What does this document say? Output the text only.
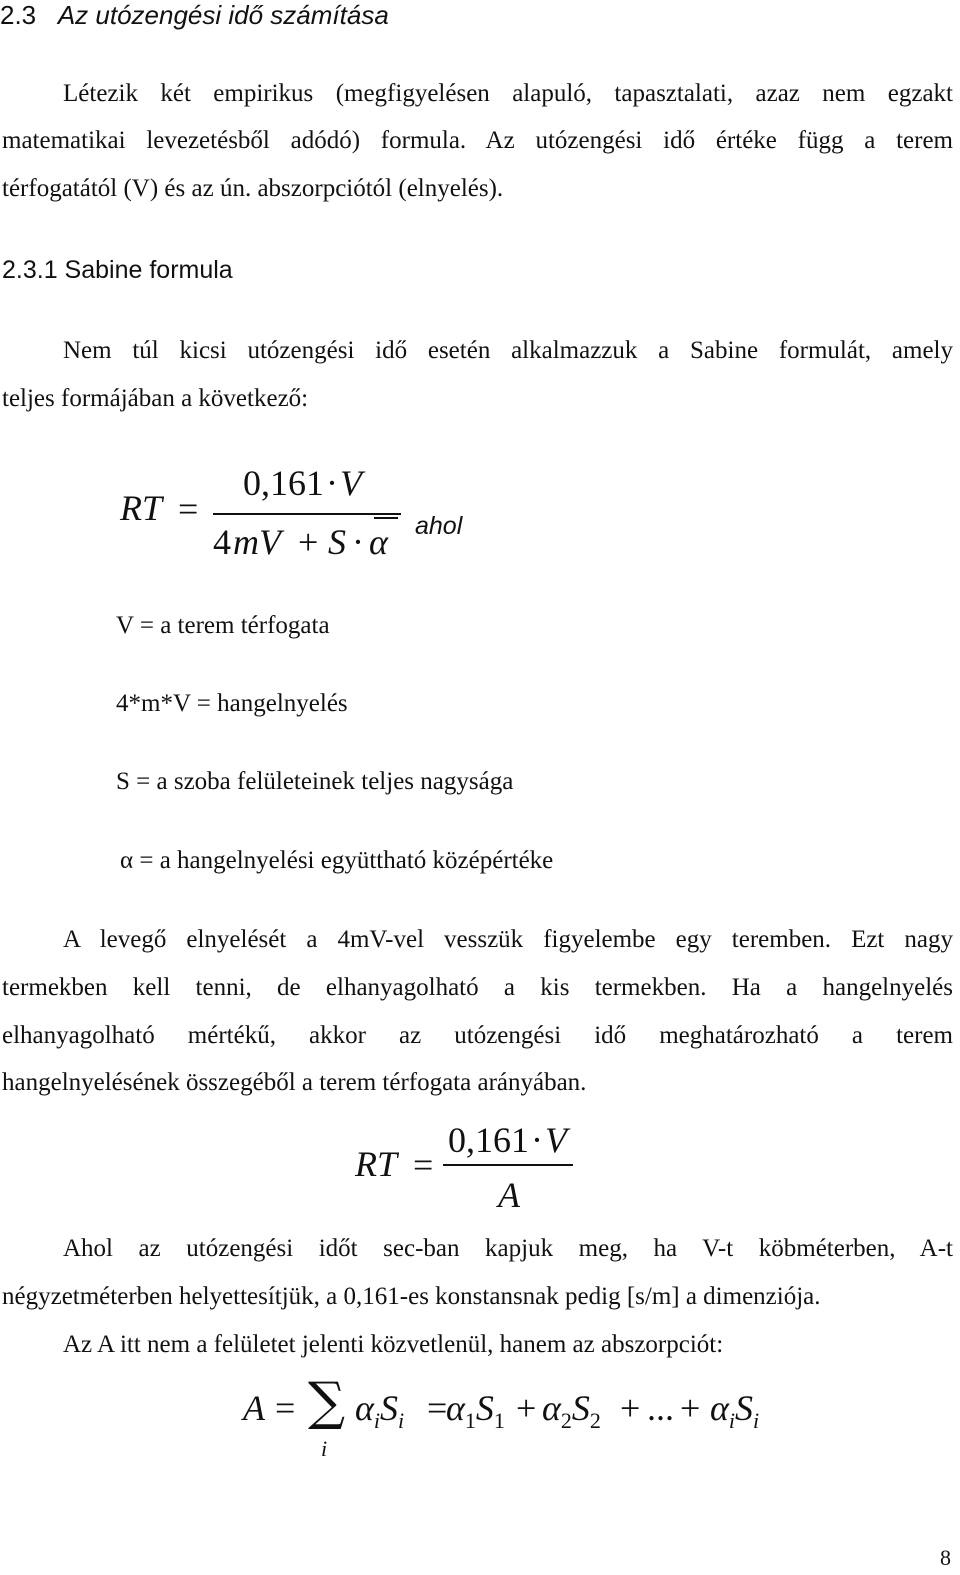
2.3 Az utózengési idő számítása
Létezik két empirikus (megfigyelésen alapuló, tapasztalati, azaz nem egzakt
matematikai levezetésből adódó) formula. Az utózengési idő értéke függ a terem
térfogatától (V) és az ún. abszorpciótól (elnyelés).
2.3.1 Sabine formula
Nem túl kicsi utózengési idő esetén alkalmazzuk a Sabine formulát, amely
teljes formájában a következő:
RT =
0,161 · V
4 mV + S · α ahol
V = a terem térfogata
4*m*V = hangelnyelés
S = a szoba felületeinek teljes nagysága
α = a hangelnyelési együttható középértéke
A levegő elnyelését a 4mV-vel vesszük figyelembe egy teremben. Ezt nagy
termekben kell tenni, de elhanyagolható a kis termekben. Ha a hangelnyelés
elhanyagolható mértékű, akkor az utózengési idő meghatározható a terem
hangelnyelésének összegéből a terem térfogata arányában.
RT =
0,161 · V
A
Ahol az utózengési időt sec-ban kapjuk meg, ha V-t köbméterben, A-t
négyzetméterben helyettesítjük, a 0,161-es konstansnak pedig [s/m] a dimenziója.
Az A itt nem a felületet jelenti közvetlenül, hanem az abszorpciót:
A = ∑
i
$\alpha_iS_i$ =
$\alpha_1S_1 + \alpha_2S_2$ + ... + $\alpha_iS_i$
8
